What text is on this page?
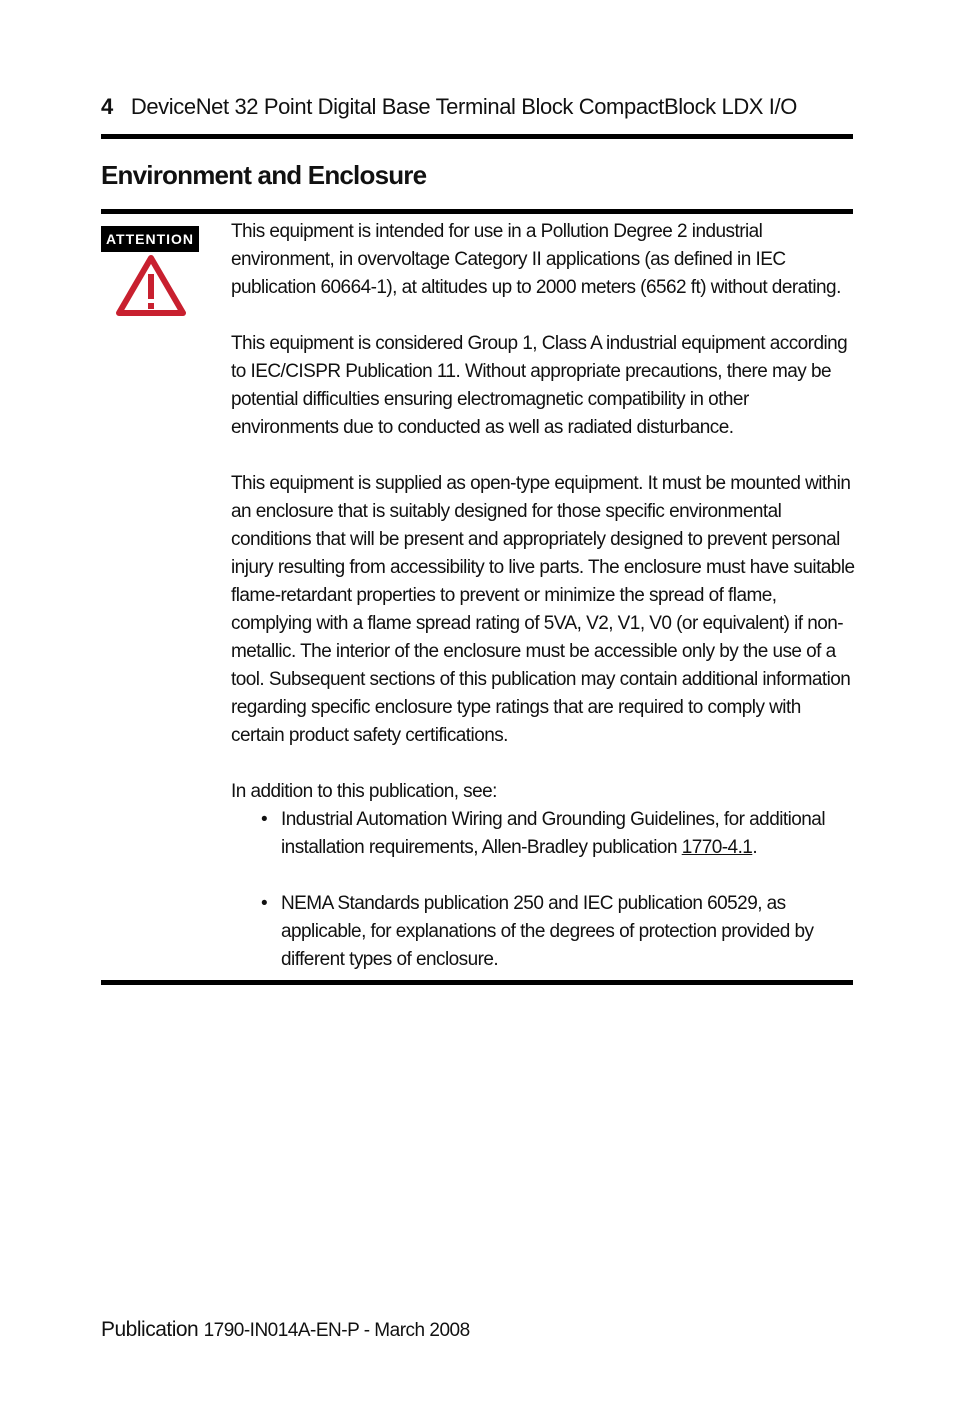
4 DeviceNet 32 Point Digital Base Terminal Block CompactBlock LDX I/O
Environment and Enclosure
ATTENTION This equipment is intended for use in a Pollution Degree 2 industrial environment, in overvoltage Category II applications (as defined in IEC publication 60664-1), at altitudes up to 2000 meters (6562 ft) without derating.

This equipment is considered Group 1, Class A industrial equipment according to IEC/CISPR Publication 11. Without appropriate precautions, there may be potential difficulties ensuring electromagnetic compatibility in other environments due to conducted as well as radiated disturbance.

This equipment is supplied as open-type equipment. It must be mounted within an enclosure that is suitably designed for those specific environmental conditions that will be present and appropriately designed to prevent personal injury resulting from accessibility to live parts. The enclosure must have suitable flame-retardant properties to prevent or minimize the spread of flame, complying with a flame spread rating of 5VA, V2, V1, V0 (or equivalent) if non-metallic. The interior of the enclosure must be accessible only by the use of a tool. Subsequent sections of this publication may contain additional information regarding specific enclosure type ratings that are required to comply with certain product safety certifications.

In addition to this publication, see:

• Industrial Automation Wiring and Grounding Guidelines, for additional installation requirements, Allen-Bradley publication 1770-4.1.
• NEMA Standards publication 250 and IEC publication 60529, as applicable, for explanations of the degrees of protection provided by different types of enclosure.
Publication 1790-IN014A-EN-P - March 2008
